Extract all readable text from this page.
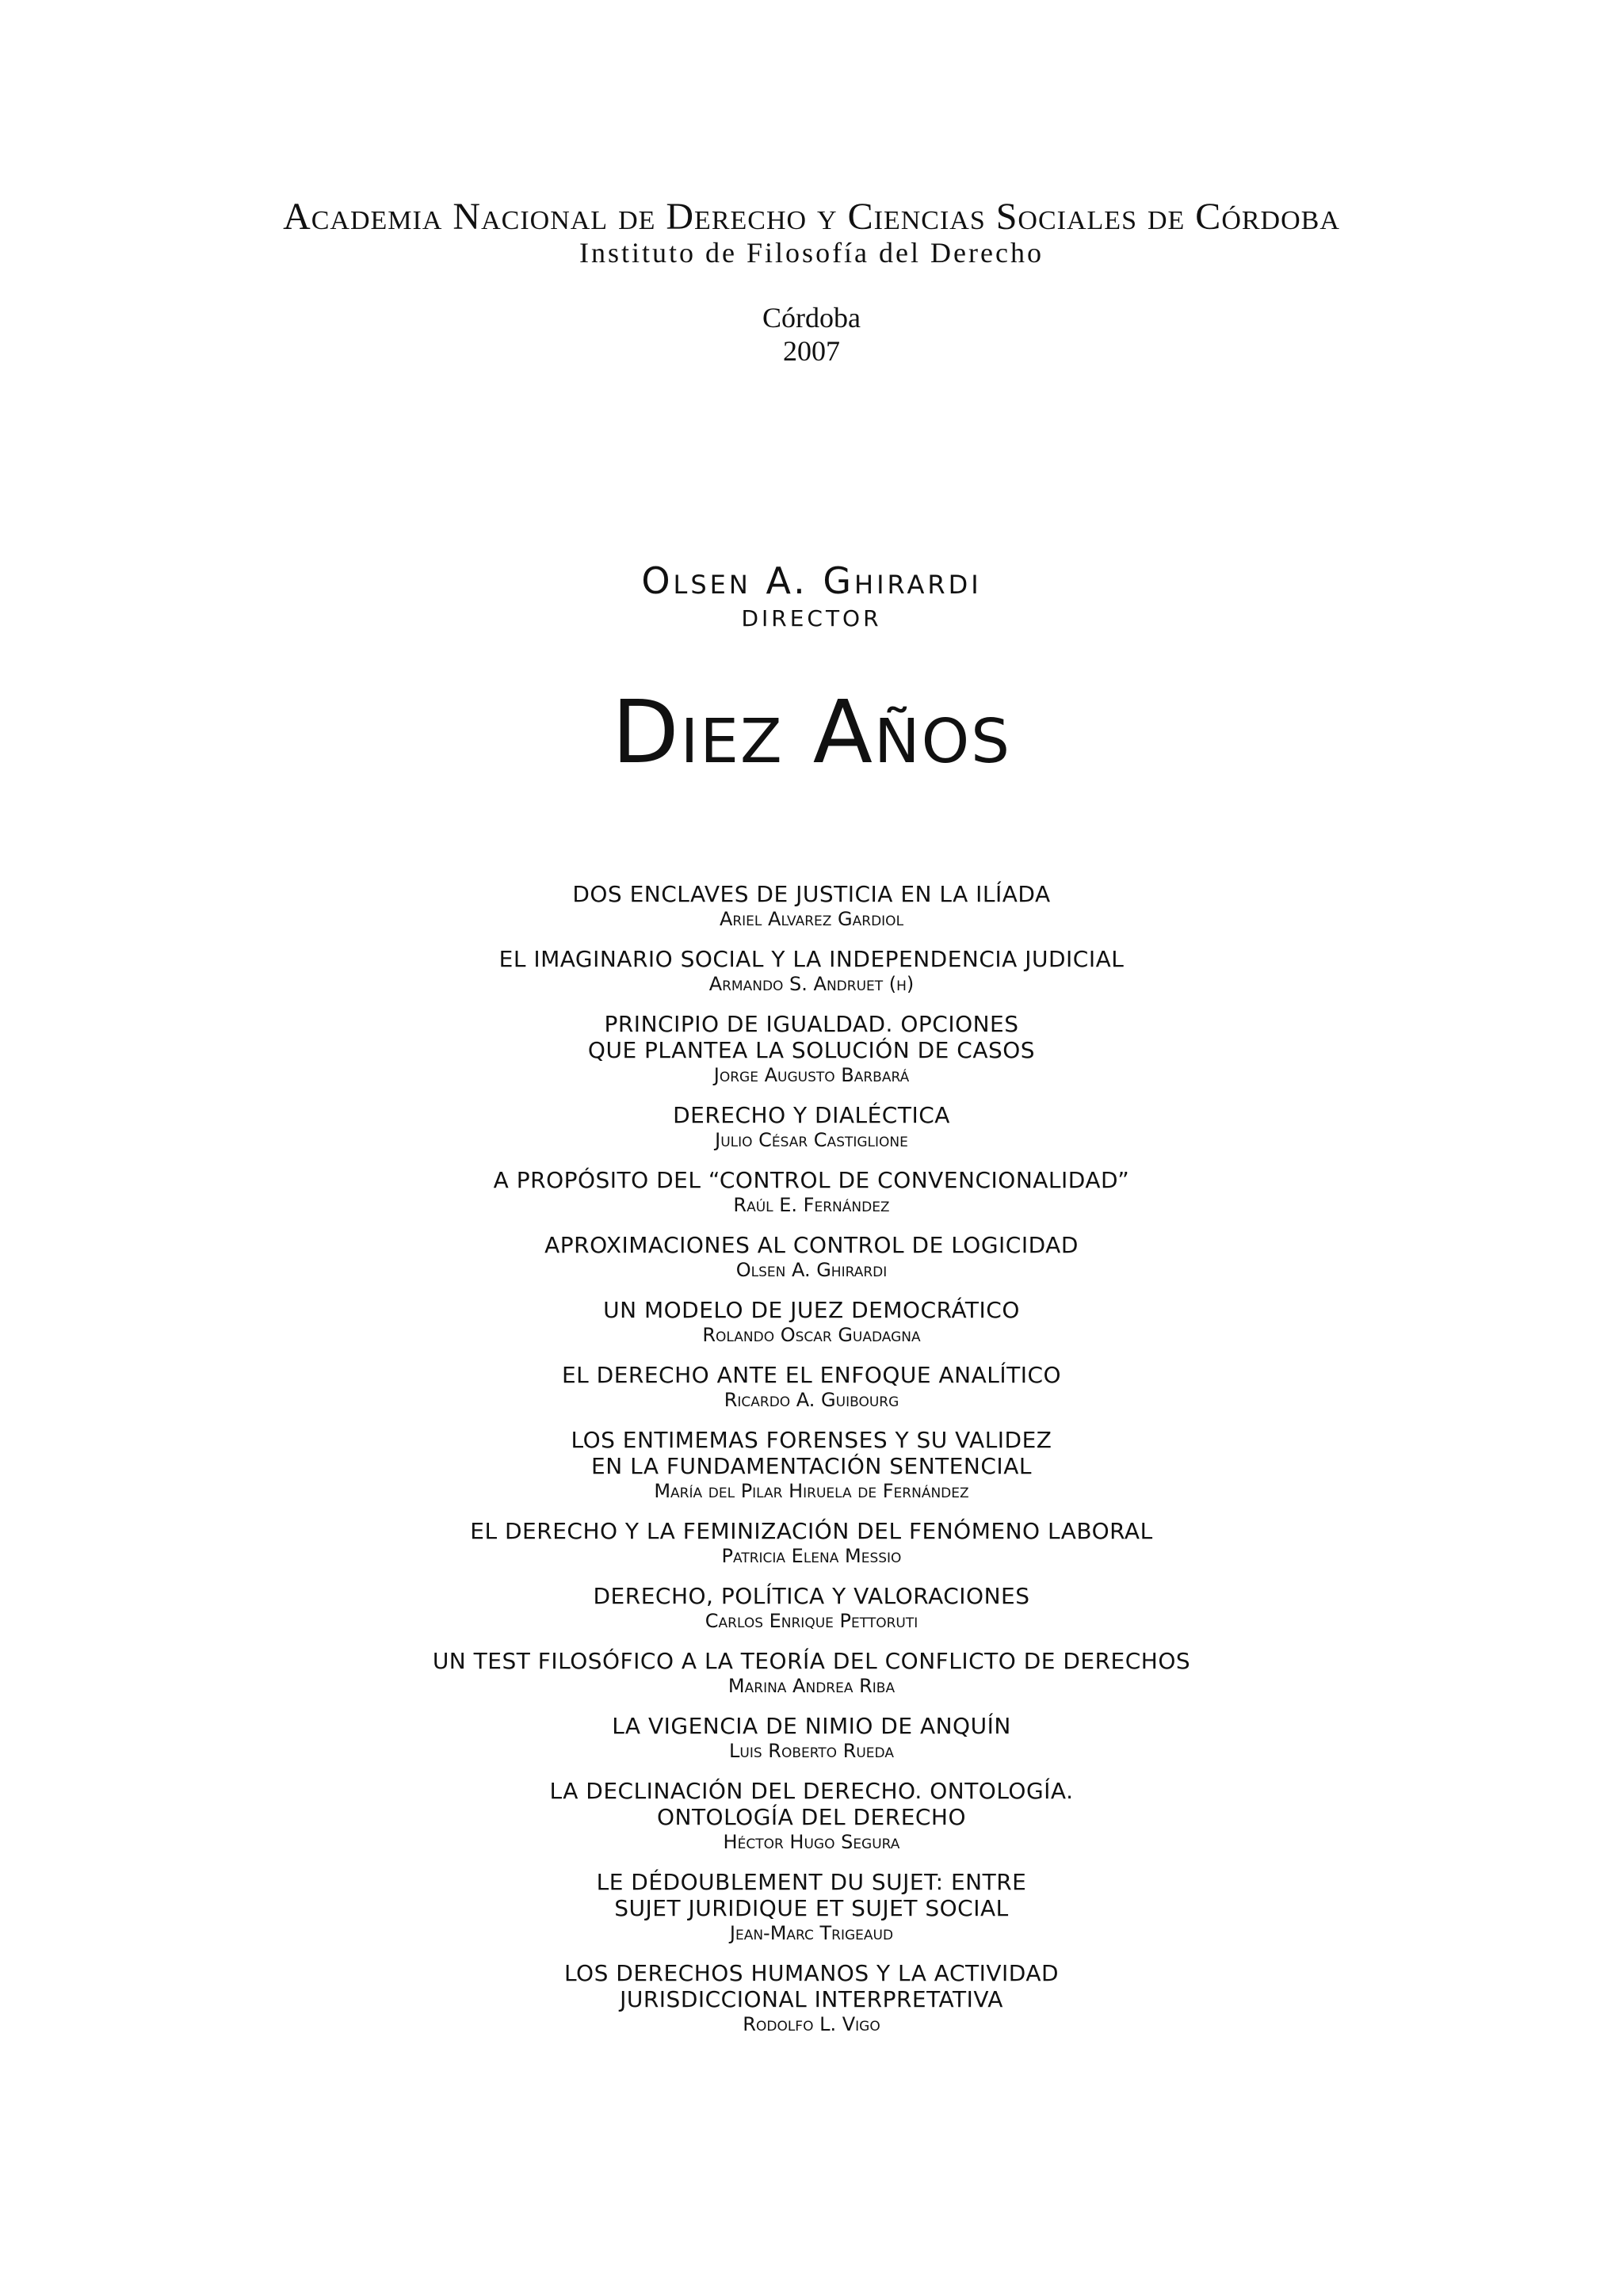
Academia Nacional de Derecho y Ciencias Sociales de Córdoba
Instituto de Filosofía del Derecho
Córdoba
2007
Olsen A. Ghirardi
DIRECTOR
Diez Años
DOS ENCLAVES DE JUSTICIA EN LA ILÍADA
Ariel Alvarez Gardiol
EL IMAGINARIO SOCIAL Y LA INDEPENDENCIA JUDICIAL
Armando S. Andruet (h)
PRINCIPIO DE IGUALDAD. OPCIONES
QUE PLANTEA LA SOLUCIÓN DE CASOS
Jorge Augusto Barbará
DERECHO Y DIALÉCTICA
Julio César Castiglione
A PROPÓSITO DEL “CONTROL DE CONVENCIONALIDAD”
Raúl E. Fernández
APROXIMACIONES AL CONTROL DE LOGICIDAD
Olsen A. Ghirardi
UN MODELO DE JUEZ DEMOCRÁTICO
Rolando Oscar Guadagna
EL DERECHO ANTE EL ENFOQUE ANALÍTICO
Ricardo A. Guibourg
LOS ENTIMEMAS FORENSES Y SU VALIDEZ
EN LA FUNDAMENTACIÓN SENTENCIAL
María del Pilar Hiruela de Fernández
EL DERECHO Y LA FEMINIZACIÓN DEL FENÓMENO LABORAL
Patricia Elena Messio
DERECHO, POLÍTICA Y VALORACIONES
Carlos Enrique Pettoruti
UN TEST FILOSÓFICO A LA TEORÍA DEL CONFLICTO DE DERECHOS
Marina Andrea Riba
LA VIGENCIA DE NIMIO DE ANQUÍN
Luis Roberto Rueda
LA DECLINACIÓN DEL DERECHO. ONTOLOGÍA.
ONTOLOGÍA DEL DERECHO
Héctor Hugo Segura
LE DÉDOUBLEMENT DU SUJET: ENTRE
SUJET JURIDIQUE ET SUJET SOCIAL
Jean-Marc Trigeaud
LOS DERECHOS HUMANOS Y LA ACTIVIDAD
JURISDICCIONAL INTERPRETATIVA
Rodolfo L. Vigo
